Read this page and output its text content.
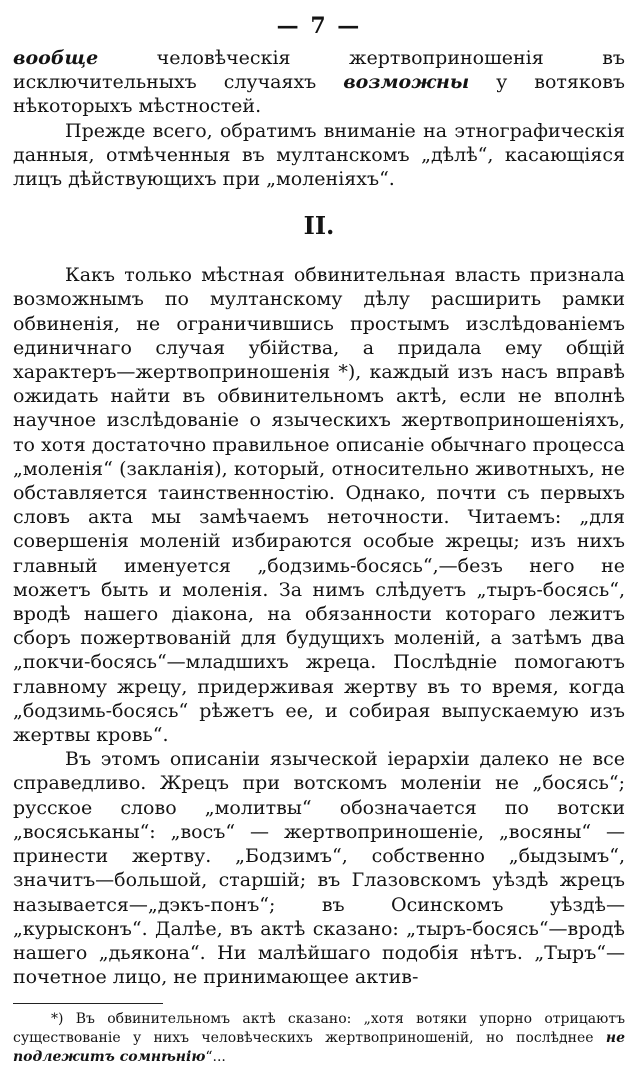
— 7 —

вообще человѣческія жертвоприношенія въ исключительныхъ случаяхъ возможны у вотяковъ нѣкоторыхъ мѣстностей.

Прежде всего, обратимъ вниманіе на этнографическія данныя, отмѣченныя въ мултанскомъ „дѣлѣ“, касающіяся лицъ дѣйствующихъ при „моленіяхъ“.

II.

Какъ только мѣстная обвинительная власть признала возможнымъ по мултанскому дѣлу расширить рамки обвиненія, не ограничившись простымъ изслѣдованіемъ единичнаго случая убійства, а придала ему общій характеръ—жертвоприношенія *), каждый изъ насъ вправѣ ожидать найти въ обвинительномъ актѣ, если не вполнѣ научное изслѣдованіе о языческихъ жертвоприношеніяхъ, то хотя достаточно правильное описаніе обычнаго процесса „моленія“ (закланія), который, относительно животныхъ, не обставляется таинственностію. Однако, почти съ первыхъ словъ акта мы замѣчаемъ неточности. Читаемъ: „для совершенія моленій избираются особые жрецы; изъ нихъ главный именуется „бодзимь-босясь“,—безъ него не можетъ быть и моленія. За нимъ слѣдуетъ „тыръ-босясь“, вродѣ нашего діакона, на обязанности котораго лежитъ сборъ пожертвованій для будущихъ моленій, а затѣмъ два „покчи-босясь“—младшихъ жреца. Послѣдніе помогаютъ главному жрецу, придерживая жертву въ то время, когда „бодзимь-босясь“ рѣжетъ ее, и собирая выпускаемую изъ жертвы кровь“.

Въ этомъ описаніи языческой іерархіи далеко не все справедливо. Жрецъ при вотскомъ моленіи не „босясь“; русское слово „молитвы“ обозначается по вотски „восяськаны“: „восъ“ — жертвоприношеніе, „восяны“ — принести жертву. „Бодзимъ“, собственно „быдзымъ“, значитъ—большой, старшій; въ Глазовскомъ уѣздѣ жрецъ называется—„дэкъ-понъ“; въ Осинскомъ уѣздѣ—„курысконъ“. Далѣе, въ актѣ сказано: „тыръ-босясь“—вродѣ нашего „дьякона“. Ни малѣйшаго подобія нѣтъ. „Тыръ“—почетное лицо, не принимающее актив-

*) Въ обвинительномъ актѣ сказано: „хотя вотяки упорно отрицаютъ существованіе у нихъ человѣческихъ жертвоприношеній, но послѣднее не подлежитъ сомнѣнію“...
